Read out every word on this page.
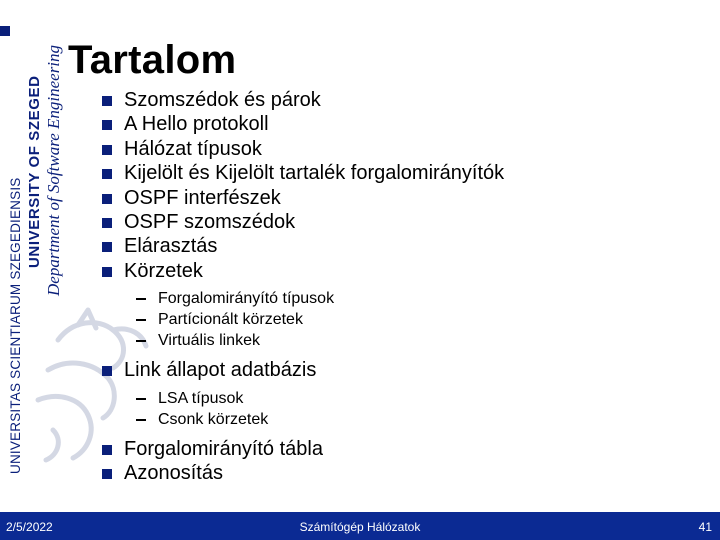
UNIVERSITAS SCIENTIARUM SZEGEDIENSIS
UNIVERSITY OF SZEGED Department of Software Engineering Tartalom
Szomszédok és párok
A Hello protokoll
Hálózat típusok
Kijelölt és Kijelölt tartalék forgalomirányítók
OSPF interfészek
OSPF szomszédok
Elárasztás
Körzetek
Forgalomirányító típusok
Partícionált körzetek
Virtuális linkek
Link állapot adatbázis
LSA típusok
Csonk körzetek
Forgalomirányító tábla
Azonosítás
2/5/2022	Számítógép Hálózatok	41
